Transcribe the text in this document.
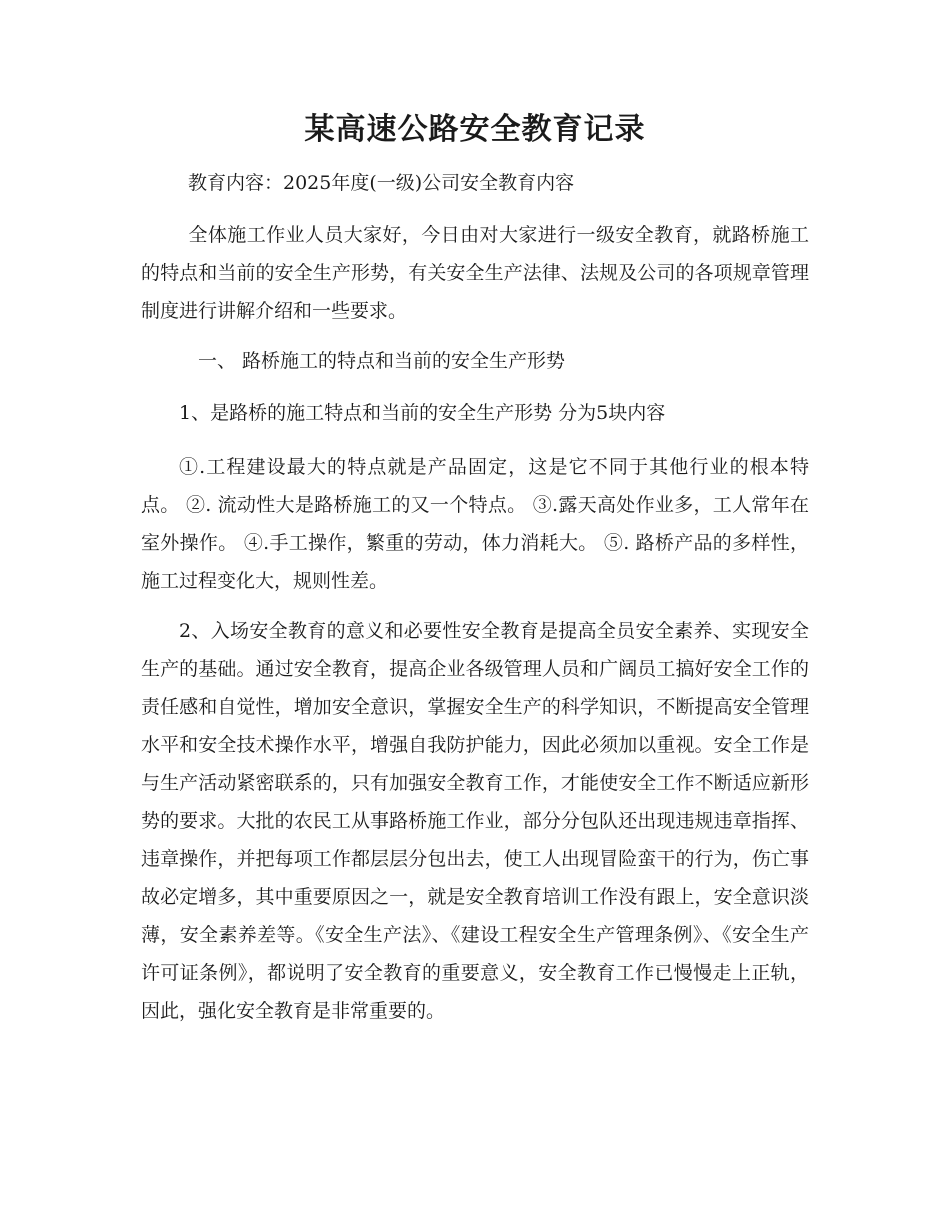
某高速公路安全教育记录
教育内容：2025年度(一级)公司安全教育内容

全体施工作业人员大家好，今日由对大家进行一级安全教育，就路桥施工的特点和当前的安全生产形势，有关安全生产法律、法规及公司的各项规章管理制度进行讲解介绍和一些要求。

一、 路桥施工的特点和当前的安全生产形势

1、是路桥的施工特点和当前的安全生产形势 分为5块内容

①.工程建设最大的特点就是产品固定，这是它不同于其他行业的根本特点。 ②. 流动性大是路桥施工的又一个特点。 ③.露天高处作业多，工人常年在室外操作。 ④.手工操作，繁重的劳动，体力消耗大。 ⑤. 路桥产品的多样性，施工过程变化大，规则性差。

2、入场安全教育的意义和必要性安全教育是提高全员安全素养、实现安全生产的基础。通过安全教育，提高企业各级管理人员和广阔员工搞好安全工作的责任感和自觉性，增加安全意识，掌握安全生产的科学知识，不断提高安全管理水平和安全技术操作水平，增强自我防护能力，因此必须加以重视。安全工作是与生产活动紧密联系的，只有加强安全教育工作，才能使安全工作不断适应新形势的要求。大批的农民工从事路桥施工作业，部分分包队还出现违规违章指挥、违章操作，并把每项工作都层层分包出去，使工人出现冒险蛮干的行为，伤亡事故必定增多，其中重要原因之一，就是安全教育培训工作没有跟上，安全意识淡薄，安全素养差等。《安全生产法》、《建设工程安全生产管理条例》、《安全生产许可证条例》，都说明了安全教育的重要意义，安全教育工作已慢慢走上正轨，因此，强化安全教育是非常重要的。
